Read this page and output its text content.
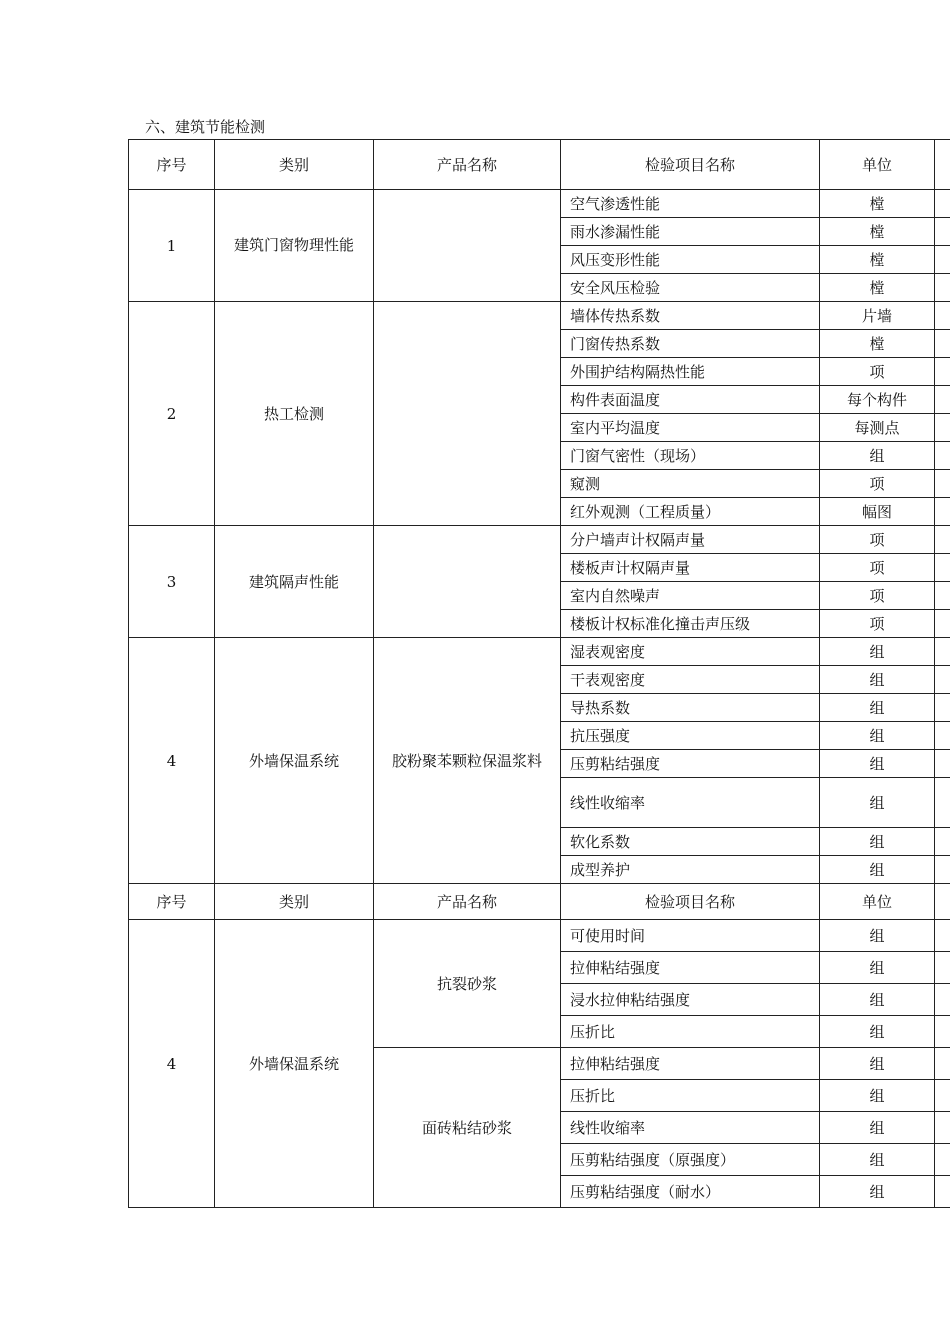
六、建筑节能检测
序号	类别	产品名称	检验项目名称	单位	
1	建筑门窗物理性能		空气渗透性能	樘	
			雨水渗漏性能	樘	
			风压变形性能	樘	
			安全风压检验	樘	
2	热工检测		墙体传热系数	片墙	
			门窗传热系数	樘	
			外围护结构隔热性能	项	
			构件表面温度	每个构件	
			室内平均温度	每测点	
			门窗气密性（现场）	组	
			窥测	项	
			红外观测（工程质量）	幅图	
3	建筑隔声性能		分户墙声计权隔声量	项	
			楼板声计权隔声量	项	
			室内自然噪声	项	
			楼板计权标准化撞击声压级	项	
4	外墙保温系统	胶粉聚苯颗粒保温浆料	湿表观密度	组	
			干表观密度	组	
			导热系数	组	
			抗压强度	组	
			压剪粘结强度	组	
			线性收缩率	组	
			软化系数	组	
			成型养护	组	
序号	类别	产品名称	检验项目名称	单位	
4	外墙保温系统	抗裂砂浆	可使用时间	组	
			拉伸粘结强度	组	
			浸水拉伸粘结强度	组	
			压折比	组	
		面砖粘结砂浆	拉伸粘结强度	组	
			压折比	组	
			线性收缩率	组	
			压剪粘结强度（原强度）	组	
			压剪粘结强度（耐水）	组	
